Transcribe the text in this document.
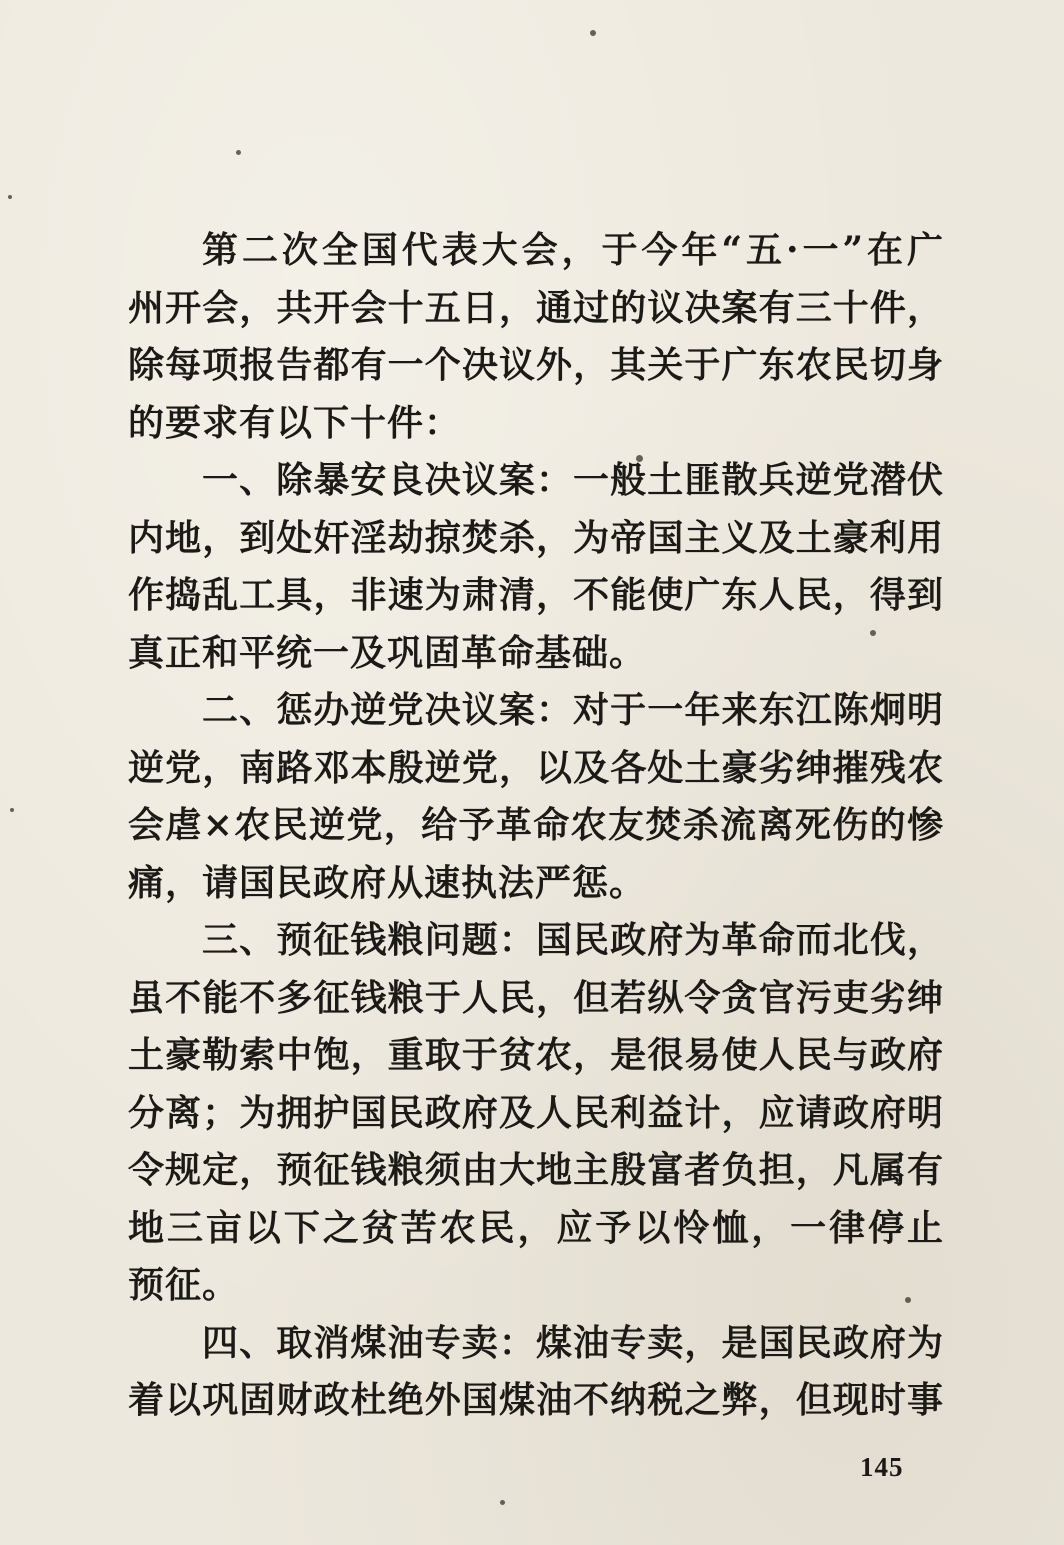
第二次全国代表大会，于今年“五·一”在广
州开会，共开会十五日，通过的议决案有三十件，
除每项报告都有一个决议外，其关于广东农民切身
的要求有以下十件：
一、除暴安良决议案：一般土匪散兵逆党潜伏
内地，到处奸淫劫掠焚杀，为帝国主义及土豪利用
作捣乱工具，非速为肃清，不能使广东人民，得到
真正和平统一及巩固革命基础。
二、惩办逆党决议案：对于一年来东江陈炯明
逆党，南路邓本殷逆党，以及各处土豪劣绅摧残农
会虐×农民逆党，给予革命农友焚杀流离死伤的惨
痛，请国民政府从速执法严惩。
三、预征钱粮问题：国民政府为革命而北伐，
虽不能不多征钱粮于人民，但若纵令贪官污吏劣绅
土豪勒索中饱，重取于贫农，是很易使人民与政府
分离；为拥护国民政府及人民利益计，应请政府明
令规定，预征钱粮须由大地主殷富者负担，凡属有
地三亩以下之贫苦农民，应予以怜恤，一律停止
预征。
四、取消煤油专卖：煤油专卖，是国民政府为
着以巩固财政杜绝外国煤油不纳税之弊，但现时事
145
